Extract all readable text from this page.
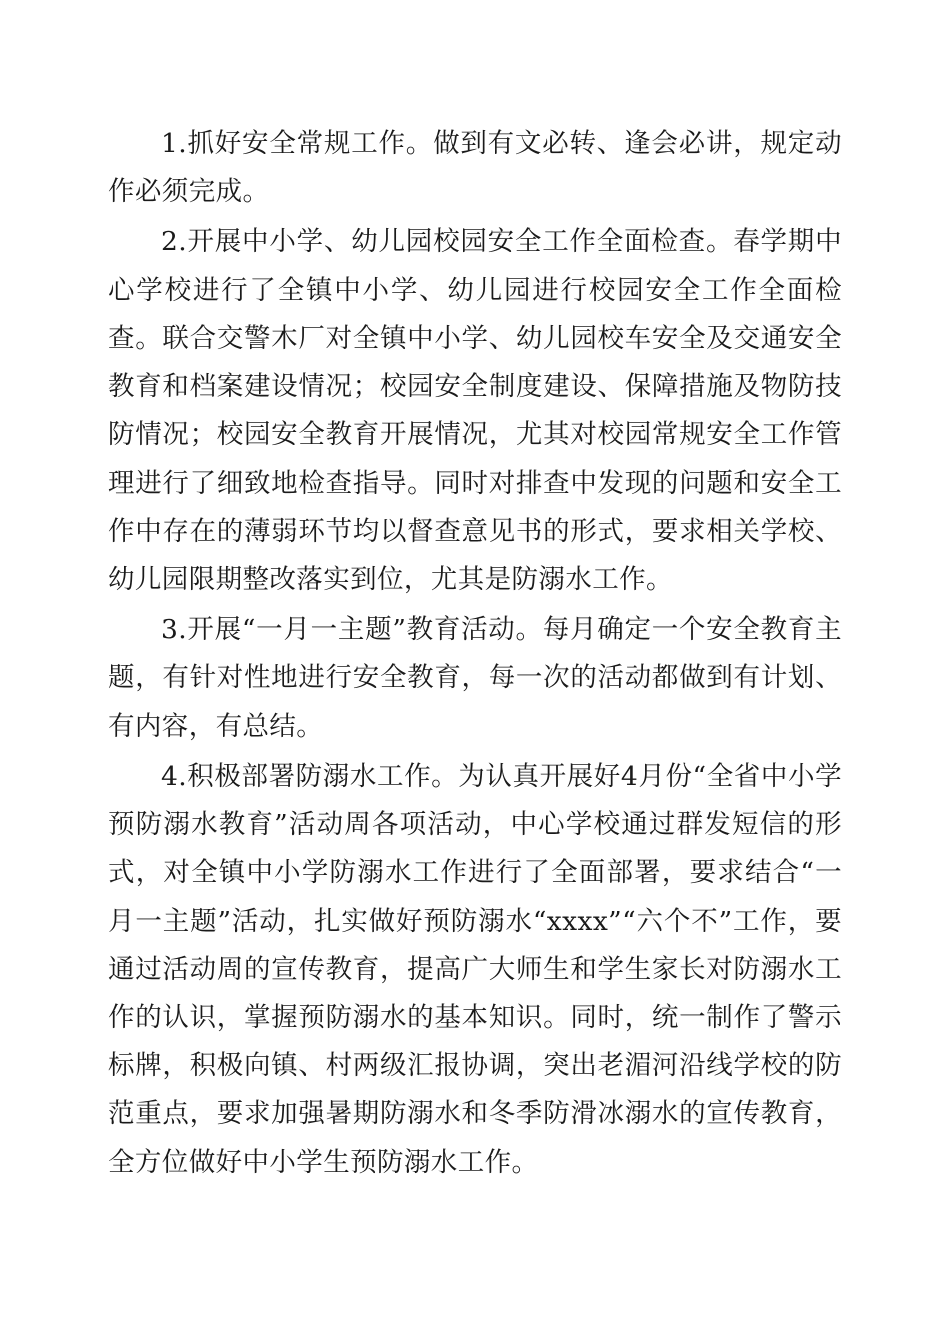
1.抓好安全常规工作。做到有文必转、逢会必讲，规定动作必须完成。

2.开展中小学、幼儿园校园安全工作全面检查。春学期中心学校进行了全镇中小学、幼儿园进行校园安全工作全面检查。联合交警木厂对全镇中小学、幼儿园校车安全及交通安全教育和档案建设情况；校园安全制度建设、保障措施及物防技防情况；校园安全教育开展情况，尤其对校园常规安全工作管理进行了细致地检查指导。同时对排查中发现的问题和安全工作中存在的薄弱环节均以督查意见书的形式，要求相关学校、幼儿园限期整改落实到位，尤其是防溺水工作。

3.开展“一月一主题”教育活动。每月确定一个安全教育主题，有针对性地进行安全教育，每一次的活动都做到有计划、有内容，有总结。

4.积极部署防溺水工作。为认真开展好4月份“全省中小学预防溺水教育”活动周各项活动，中心学校通过群发短信的形式，对全镇中小学防溺水工作进行了全面部署，要求结合“一月一主题”活动，扎实做好预防溺水“xxxx”“六个不”工作，要通过活动周的宣传教育，提高广大师生和学生家长对防溺水工作的认识，掌握预防溺水的基本知识。同时，统一制作了警示标牌，积极向镇、村两级汇报协调，突出老湄河沿线学校的防范重点，要求加强暑期防溺水和冬季防滑冰溺水的宣传教育，全方位做好中小学生预防溺水工作。
